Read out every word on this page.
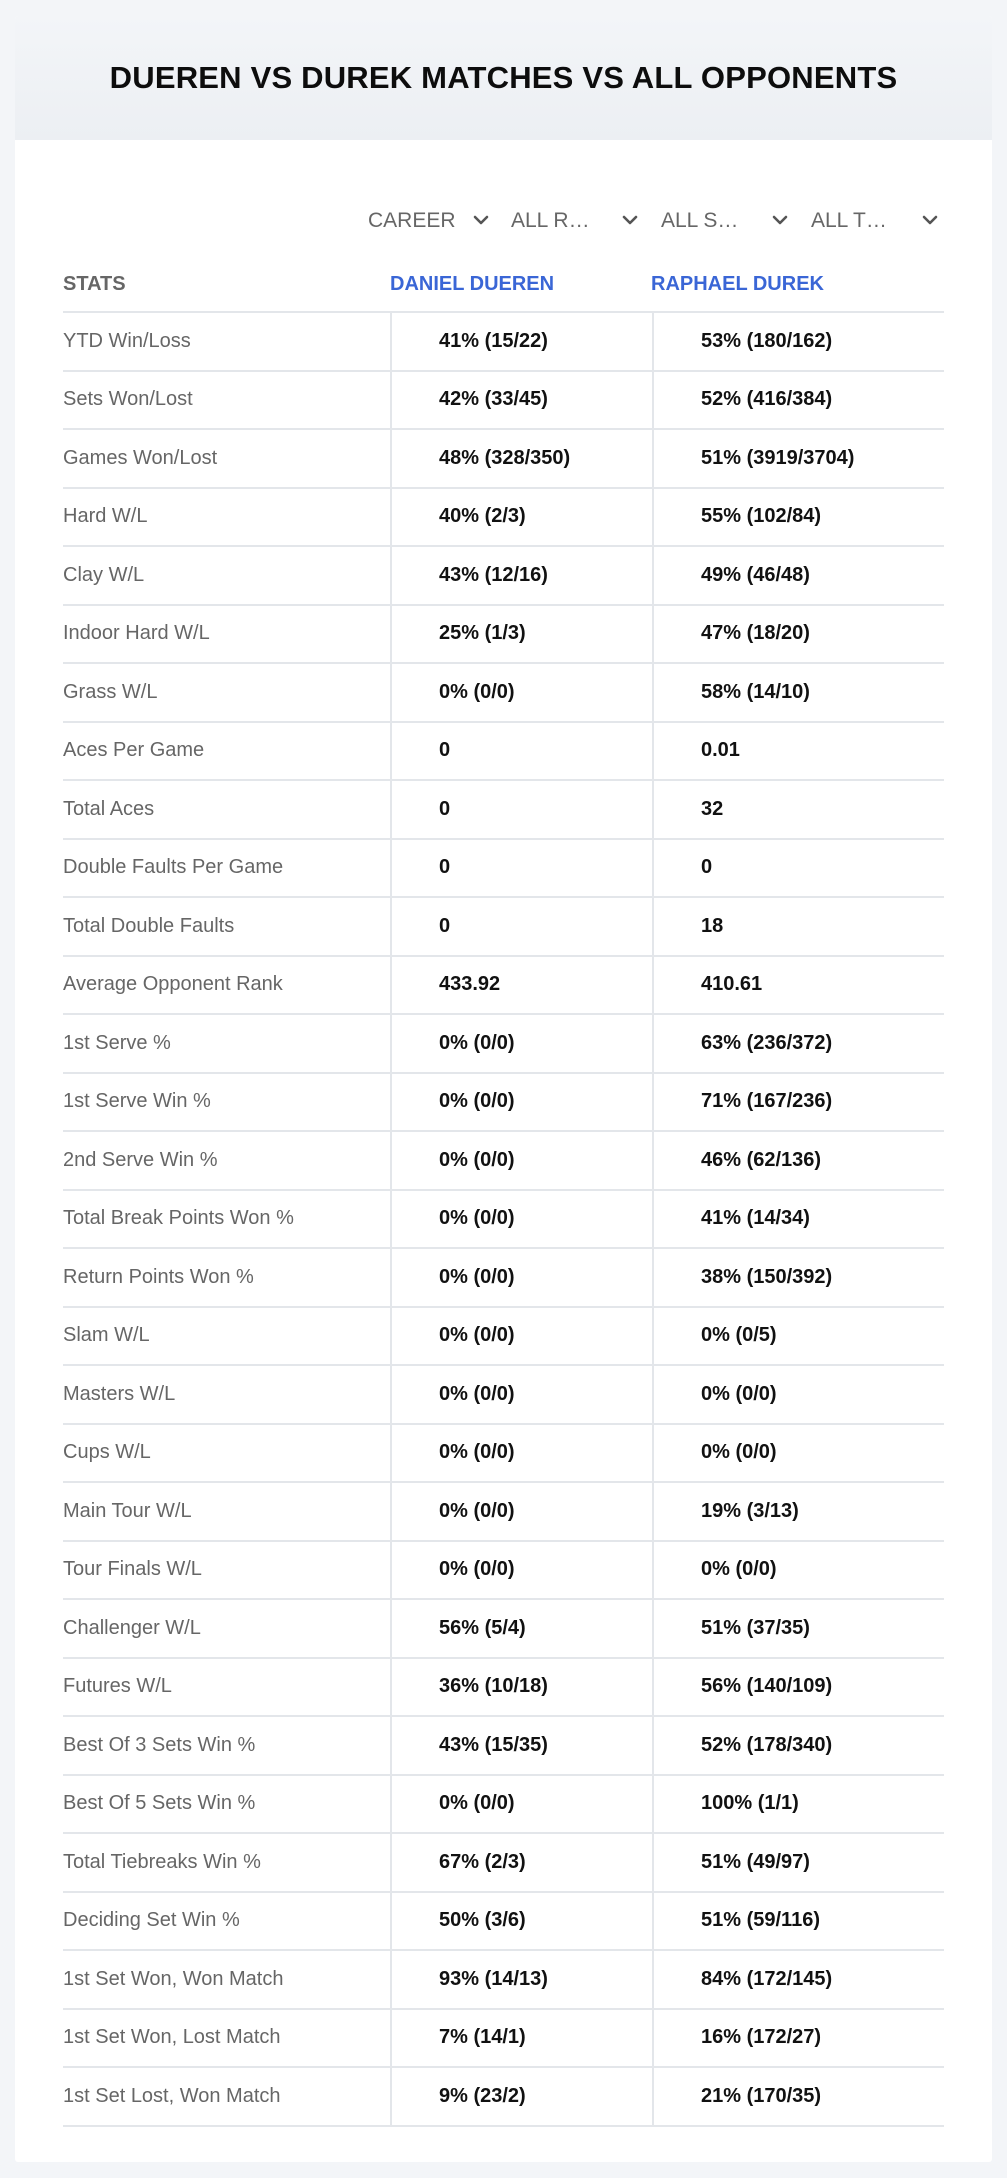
DUEREN VS DUREK MATCHES VS ALL OPPONENTS
CAREER	ALL R…	ALL S…	ALL T…
STATS	DANIEL DUEREN	RAPHAEL DUREK
YTD Win/Loss	41% (15/22)	53% (180/162)
Sets Won/Lost	42% (33/45)	52% (416/384)
Games Won/Lost	48% (328/350)	51% (3919/3704)
Hard W/L	40% (2/3)	55% (102/84)
Clay W/L	43% (12/16)	49% (46/48)
Indoor Hard W/L	25% (1/3)	47% (18/20)
Grass W/L	0% (0/0)	58% (14/10)
Aces Per Game	0	0.01
Total Aces	0	32
Double Faults Per Game	0	0
Total Double Faults	0	18
Average Opponent Rank	433.92	410.61
1st Serve %	0% (0/0)	63% (236/372)
1st Serve Win %	0% (0/0)	71% (167/236)
2nd Serve Win %	0% (0/0)	46% (62/136)
Total Break Points Won %	0% (0/0)	41% (14/34)
Return Points Won %	0% (0/0)	38% (150/392)
Slam W/L	0% (0/0)	0% (0/5)
Masters W/L	0% (0/0)	0% (0/0)
Cups W/L	0% (0/0)	0% (0/0)
Main Tour W/L	0% (0/0)	19% (3/13)
Tour Finals W/L	0% (0/0)	0% (0/0)
Challenger W/L	56% (5/4)	51% (37/35)
Futures W/L	36% (10/18)	56% (140/109)
Best Of 3 Sets Win %	43% (15/35)	52% (178/340)
Best Of 5 Sets Win %	0% (0/0)	100% (1/1)
Total Tiebreaks Win %	67% (2/3)	51% (49/97)
Deciding Set Win %	50% (3/6)	51% (59/116)
1st Set Won, Won Match	93% (14/13)	84% (172/145)
1st Set Won, Lost Match	7% (14/1)	16% (172/27)
1st Set Lost, Won Match	9% (23/2)	21% (170/35)
